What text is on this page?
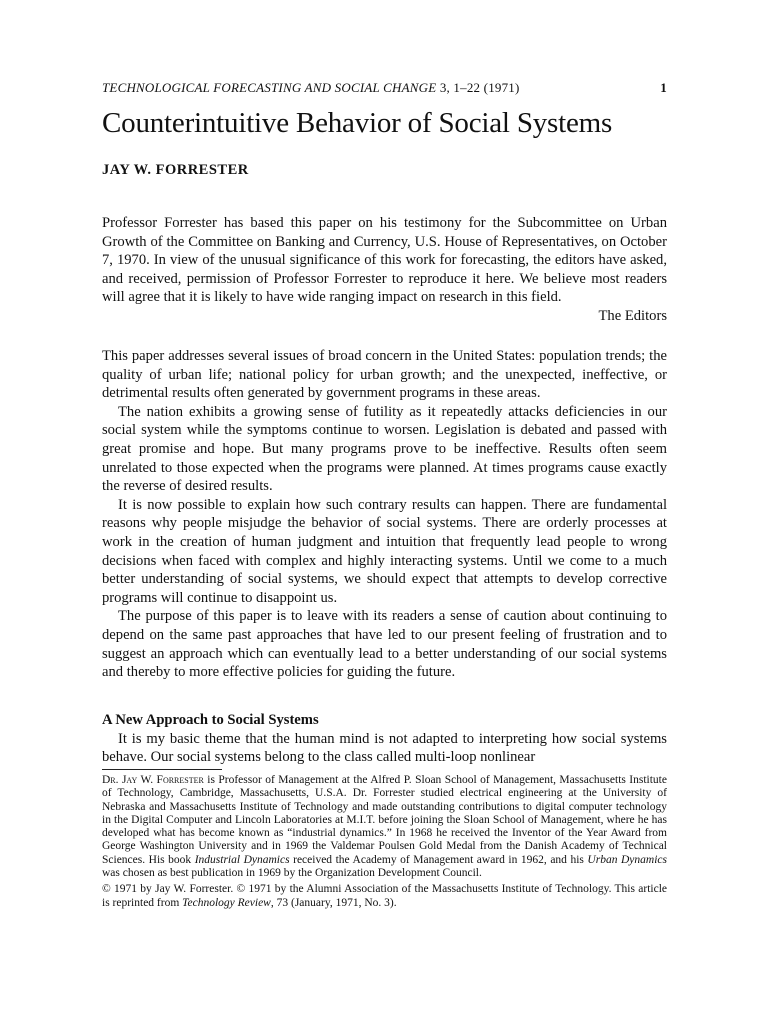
TECHNOLOGICAL FORECASTING AND SOCIAL CHANGE 3, 1–22 (1971)	1
Counterintuitive Behavior of Social Systems
JAY W. FORRESTER

Professor Forrester has based this paper on his testimony for the Subcommittee on Urban Growth of the Committee on Banking and Currency, U.S. House of Representatives, on October 7, 1970. In view of the unusual significance of this work for forecasting, the editors have asked, and received, permission of Professor Forrester to reproduce it here. We believe most readers will agree that it is likely to have wide ranging impact on research in this field.

The Editors

This paper addresses several issues of broad concern in the United States: population trends; the quality of urban life; national policy for urban growth; and the unexpected, ineffective, or detrimental results often generated by government programs in these areas.

The nation exhibits a growing sense of futility as it repeatedly attacks deficiencies in our social system while the symptoms continue to worsen. Legislation is debated and passed with great promise and hope. But many programs prove to be ineffective. Results often seem unrelated to those expected when the programs were planned. At times programs cause exactly the reverse of desired results.

It is now possible to explain how such contrary results can happen. There are fundamental reasons why people misjudge the behavior of social systems. There are orderly processes at work in the creation of human judgment and intuition that frequently lead people to wrong decisions when faced with complex and highly interacting systems. Until we come to a much better understanding of social systems, we should expect that attempts to develop corrective programs will continue to disappoint us.

The purpose of this paper is to leave with its readers a sense of caution about continuing to depend on the same past approaches that have led to our present feeling of frustration and to suggest an approach which can eventually lead to a better understanding of our social systems and thereby to more effective policies for guiding the future.

A New Approach to Social Systems

It is my basic theme that the human mind is not adapted to interpreting how social systems behave. Our social systems belong to the class called multi-loop nonlinear

Dr. Jay W. Forrester is Professor of Management at the Alfred P. Sloan School of Management, Massachusetts Institute of Technology, Cambridge, Massachusetts, U.S.A. Dr. Forrester studied electrical engineering at the University of Nebraska and Massachusetts Institute of Technology and made outstanding contributions to digital computer technology in the Digital Computer and Lincoln Laboratories at M.I.T. before joining the Sloan School of Management, where he has developed what has become known as “industrial dynamics.” In 1968 he received the Inventor of the Year Award from George Washington University and in 1969 the Valdemar Poulsen Gold Medal from the Danish Academy of Technical Sciences. His book Industrial Dynamics received the Academy of Management award in 1962, and his Urban Dynamics was chosen as best publication in 1969 by the Organization Development Council.

© 1971 by Jay W. Forrester. © 1971 by the Alumni Association of the Massachusetts Institute of Technology. This article is reprinted from Technology Review, 73 (January, 1971, No. 3).
